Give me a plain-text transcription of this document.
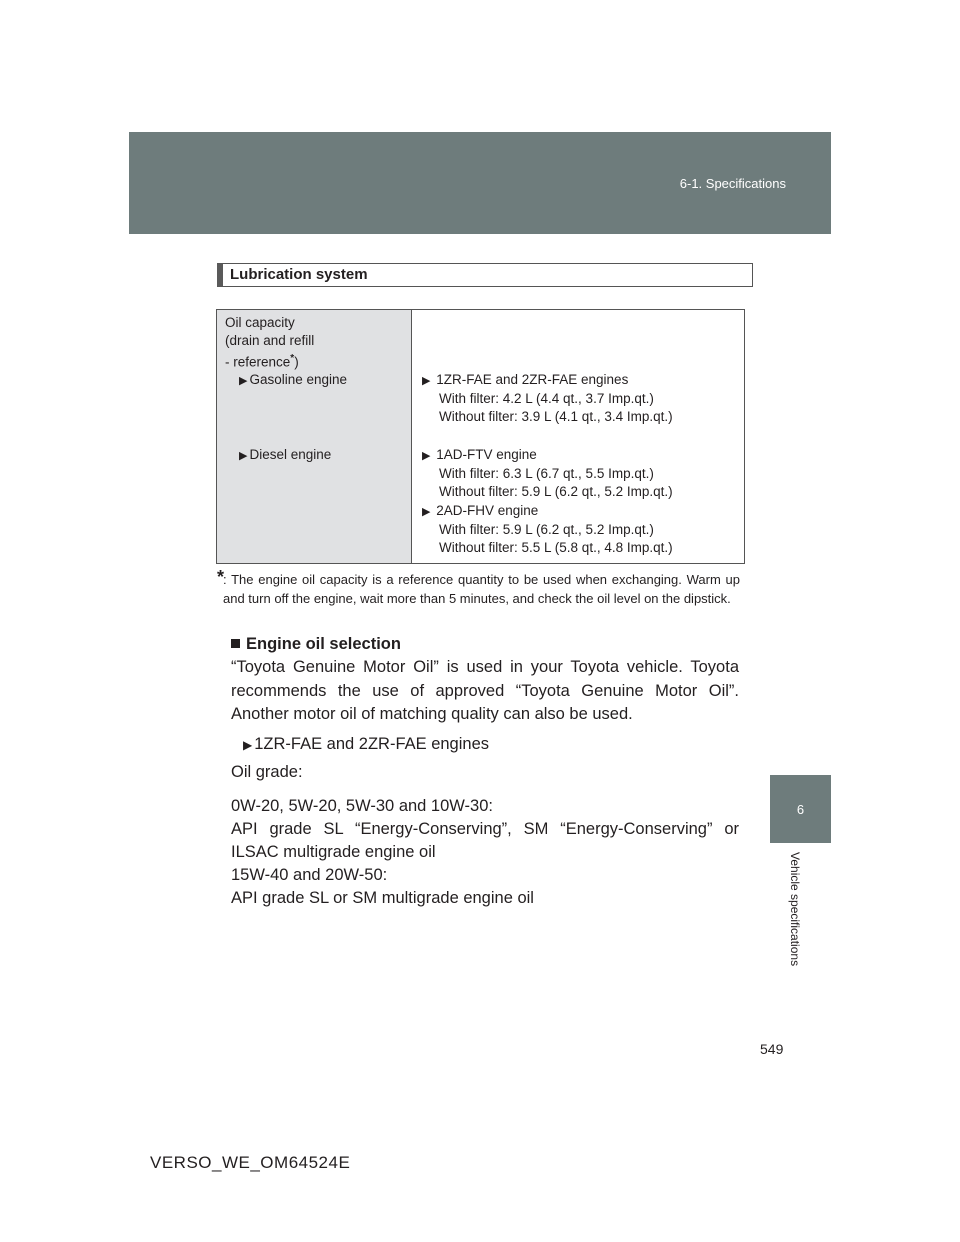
6-1. Specifications
6
Vehicle specifications
Lubrication system
Oil capacity
(drain and refill
- reference*)
▶ Gasoline engine
▶ Diesel engine
▶ 1ZR-FAE and 2ZR-FAE engines
With filter: 4.2 L (4.4 qt., 3.7 Imp.qt.)
Without filter: 3.9 L (4.1 qt., 3.4 Imp.qt.)
▶ 1AD-FTV engine
With filter: 6.3 L (6.7 qt., 5.5 Imp.qt.)
Without filter: 5.9 L (6.2 qt., 5.2 Imp.qt.)
▶ 2AD-FHV engine
With filter: 5.9 L (6.2 qt., 5.2 Imp.qt.)
Without filter: 5.5 L (5.8 qt., 4.8 Imp.qt.)
*
: The engine oil capacity is a reference quantity to be used when exchanging. Warm up and turn off the engine, wait more than 5 minutes, and check the oil level on the dipstick.
Engine oil selection
“Toyota Genuine Motor Oil” is used in your Toyota vehicle. Toyota recommends the use of approved “Toyota Genuine Motor Oil”. Another motor oil of matching quality can also be used.
▶ 1ZR-FAE and 2ZR-FAE engines
Oil grade:
0W-20, 5W-20, 5W-30 and 10W-30:
API grade SL “Energy-Conserving”, SM “Energy-Conserving” or ILSAC multigrade engine oil
15W-40 and 20W-50:
API grade SL or SM multigrade engine oil
549
VERSO_WE_OM64524E
